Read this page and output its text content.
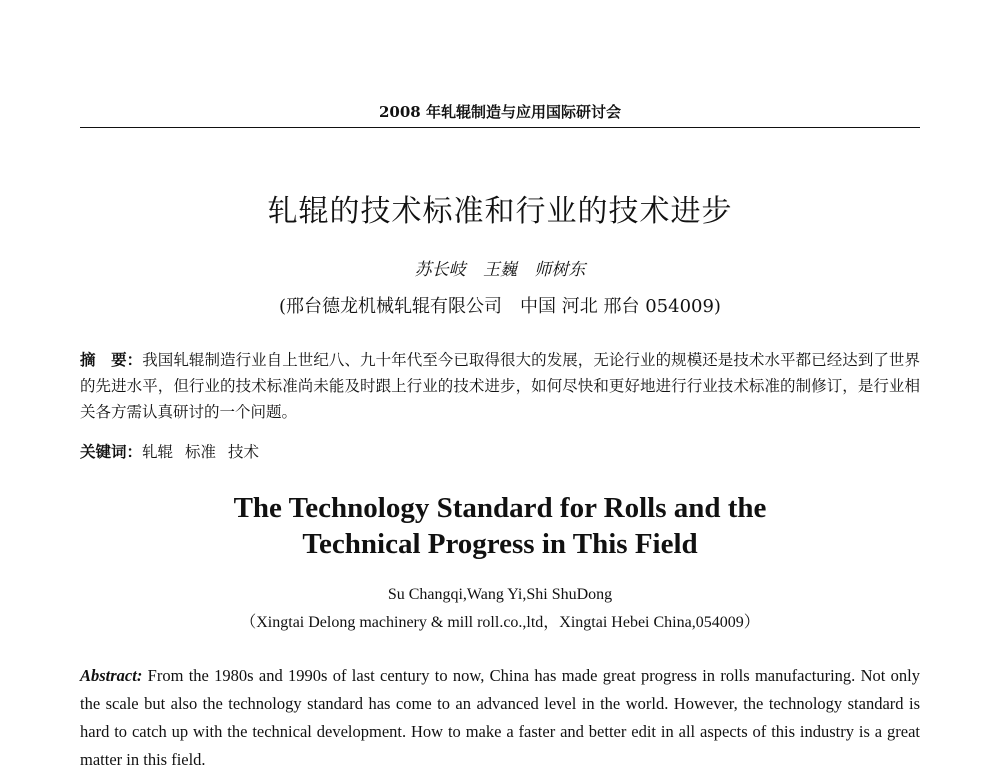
2008 年轧辊制造与应用国际研讨会
轧辊的技术标准和行业的技术进步
苏长岐 王巍 师树东
(邢台德龙机械轧辊有限公司　中国 河北 邢台 054009)
摘　要：我国轧辊制造行业自上世纪八、九十年代至今已取得很大的发展，无论行业的规模还是技术水平都已经达到了世界的先进水平，但行业的技术标准尚未能及时跟上行业的技术进步，如何尽快和更好地进行行业技术标准的制修订，是行业相关各方需认真研讨的一个问题。
关键词：轧辊 标准 技术
The Technology Standard for Rolls and the
Technical Progress in This Field
Su Changqi,Wang Yi,Shi ShuDong
（Xingtai Delong machinery & mill roll.co.,ltd，Xingtai Hebei China,054009）
Abstract: From the 1980s and 1990s of last century to now, China has made great progress in rolls manufacturing. Not only the scale but also the technology standard has come to an advanced level in the world. However, the technology standard is hard to catch up with the technical development. How to make a faster and better edit in all aspects of this industry is a great matter in this field.
